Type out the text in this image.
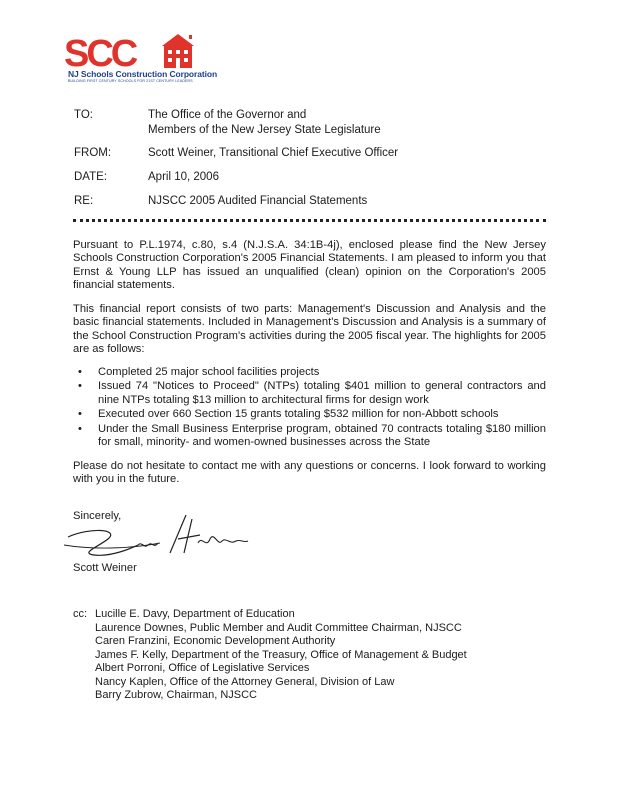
SCC
NJ Schools Construction Corporation
BUILDING FIRST CENTURY SCHOOLS FOR 21ST CENTURY LEADERS
TO:	The Office of the Governor and
Members of the New Jersey State Legislature
FROM:	Scott Weiner, Transitional Chief Executive Officer
DATE:	April 10, 2006
RE:	NJSCC 2005 Audited Financial Statements
Pursuant to P.L.1974, c.80, s.4 (N.J.S.A. 34:1B-4j), enclosed please find the New Jersey Schools Construction Corporation's 2005 Financial Statements. I am pleased to inform you that Ernst & Young LLP has issued an unqualified (clean) opinion on the Corporation's 2005 financial statements.
This financial report consists of two parts: Management's Discussion and Analysis and the basic financial statements. Included in Management's Discussion and Analysis is a summary of the School Construction Program's activities during the 2005 fiscal year. The highlights for 2005 are as follows:
• Completed 25 major school facilities projects
• Issued 74 "Notices to Proceed" (NTPs) totaling $401 million to general contractors and nine NTPs totaling $13 million to architectural firms for design work
• Executed over 660 Section 15 grants totaling $532 million for non-Abbott schools
• Under the Small Business Enterprise program, obtained 70 contracts totaling $180 million for small, minority- and women-owned businesses across the State
Please do not hesitate to contact me with any questions or concerns. I look forward to working with you in the future.
Sincerely,
Scott Weiner
cc: Lucille E. Davy, Department of Education
Laurence Downes, Public Member and Audit Committee Chairman, NJSCC
Caren Franzini, Economic Development Authority
James F. Kelly, Department of the Treasury, Office of Management & Budget
Albert Porroni, Office of Legislative Services
Nancy Kaplen, Office of the Attorney General, Division of Law
Barry Zubrow, Chairman, NJSCC
